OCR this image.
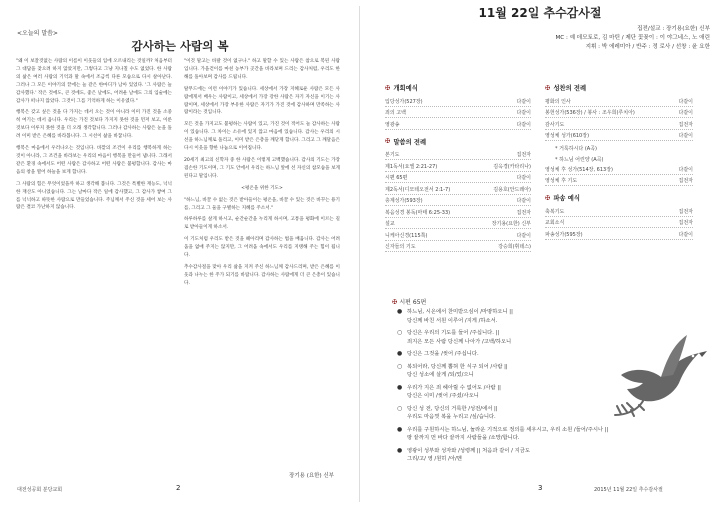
<오늘의 말씀>
감사하는 사람의 복

"왜 이 보잘것없는 사람의 이름이 이웃들의 입에 오르내리는 것일까? 처음부터 그 대답을 찾으려 하지 않았지만, 그렇다고 그냥 지나칠 수도 없었다. 한 사람의 삶은 여러 사람의 기억과 말 속에서 조금씩 다른 모습으로 다시 살아난다. 그러나 그 모든 이야기의 끝에는 늘 같은 한마디가 남아 있었다. '그 사람은 늘 감사했다.' 작은 것에도, 큰 것에도, 좋은 날에도, 어려운 날에도 그의 입술에는 감사가 떠나지 않았다. 그것이 그를 기억하게 하는 이유였다."

행복은 갖고 싶은 것을 다 가지는 데서 오는 것이 아니라 이미 가진 것을 소중히 여기는 데서 옵니다. 우리는 가진 것보다 가지지 못한 것을 먼저 보고, 이룬 것보다 이루지 못한 것을 더 오래 생각합니다. 그러나 감사하는 사람은 눈을 돌려 이미 받은 은혜를 바라봅니다. 그 시선이 삶을 바꿉니다.

행복은 마음에서 우러나오는 것입니다. 바깥의 조건이 우리를 행복하게 하는 것이 아니라, 그 조건을 바라보는 우리의 마음이 행복을 만들어 냅니다. 그래서 같은 환경 속에서도 어떤 사람은 감사하고 어떤 사람은 불평합니다. 감사는 마음의 창을 열어 하늘을 보게 합니다.

그 사람의 힘은 무엇이었을까 하고 생각해 봅니다. 그것은 특별한 재능도, 넉넉한 재산도 아니었습니다. 그는 날마다 작은 일에 감사했고, 그 감사가 쌓여 그를 넉넉하고 따뜻한 사람으로 만들었습니다. 주님께서 주신 것을 세어 보는 사람은 결코 가난하지 않습니다.

"이것 말고는 바랄 것이 없구나." 하고 말할 수 있는 사람은 참으로 복된 사람입니다. 가을걷이를 마친 농부가 곳간을 바라보며 드리는 감사처럼, 우리도 한 해를 돌아보며 감사를 드립니다.

탈무드에는 이런 이야기가 있습니다. 세상에서 가장 지혜로운 사람은 모든 사람에게서 배우는 사람이고, 세상에서 가장 강한 사람은 자기 자신을 이기는 사람이며, 세상에서 가장 부유한 사람은 자기가 가진 것에 감사하며 만족하는 사람이라는 것입니다.

모든 것을 가지고도 불평하는 사람이 있고, 가진 것이 적어도 늘 감사하는 사람이 있습니다. 그 차이는 소유에 있지 않고 마음에 있습니다. 감사는 우리의 시선을 하느님께로 돌리고, 이미 받은 은총을 깨닫게 합니다. 그리고 그 깨달음은 다시 이웃을 향한 나눔으로 이어집니다.

20세기 최고의 신학자 중 한 사람은 이렇게 고백했습니다. 감사의 기도는 가장 겸손한 기도이며, 그 기도 안에서 우리는 하느님 앞에 선 자신의 참모습을 보게 된다고 말입니다.

<평온을 위한 기도>

"하느님, 바꿀 수 없는 것은 받아들이는 평온을, 바꿀 수 있는 것은 바꾸는 용기를, 그리고 그 둘을 구별하는 지혜를 주소서."

하루하루를 살게 하시고, 순간순간을 누리게 하시며, 고통을 평화에 이르는 길로 받아들이게 하소서.

이 기도처럼 우리도 받은 것을 헤아리며 감사하는 법을 배웁니다. 감사는 어려움을 없애 주지는 않지만, 그 어려움 속에서도 우리를 지탱해 주는 힘이 됩니다.

추수감사절을 맞아 우리 삶을 지켜 주신 하느님께 감사드리며, 받은 은혜를 이웃과 나누는 한 주가 되기를 바랍니다. 감사하는 사람에게 더 큰 은총이 있습니다.

장기용 (요한) 신부
대전성공회 분당교회	2
11월 22일 추수감사절
집전/설교 : 장기용(요한) 신부
MC : 예 데모토로, 김 마틴 / 제단 꽃꽂이 : 이 야그네스, 노 애린
지휘 : 박 에레미아 / 반주 : 정 로사 / 선창 : 윤 요한
✠ 개회예식
입당성가(527장)	다같이
죄의 고백	다같이
영광송	다같이
✠ 말씀의 전례
본기도	집전자
제1독서(요엘 2:21-27)	김옥경(카타리나)
시편 65편	다같이
제2독서(디모테오전서 2:1-7)	김용호(안드레아)
층계성가(593장)	다같이
복음성경 봉독(마태 6:25-33)	집전자
설교	장기용(요한) 신부
니케아신경(115쪽)	다같이
신자들의 기도	강승희(휘데스)
✠ 성찬의 전례
평화의 인사	다같이
봉헌성가(536장) / 봉사 : 조우희(루치아)	다같이
감사기도	집전자
영성체 성가(610장)	다같이
* 거룩하시다 (A곡)
* 하느님 어린양 (A곡)
영성체 후 성가(514장, 613장)	다같이
영성체 후 기도	집전자
✠ 파송 예식
축복기도	집전자
교회소식	집전자
파송성가(595장)	다같이
✠ 시편 65편
● 하느님, 시온에서 찬미받으심이 /마땅하오니 ||
당신께 바친 서원 이루어 /지게 /하소서.
○ 당신은 우리의 기도를 들어 /주십니다. ||
죄지은 모든 사람 당신께 나아가 /고백/하오니
● 당신은 그것을 /씻어 /주십니다.
○ 복되어라, 당신께 뽑혀 한 식구 되어 /사람 ||
당신 성소에 살게 /되/었/으니
● 우리가 지은 죄 헤아릴 수 없어도 /사람 ||
당신은 이미 /씻어 /주셨/사오니
○ 당신 성 전, 당신의 거룩한 /성전/에서 ||
우리도 마음껏 복을 누리고 /싶/습니다.
● 우리를 구원하시는 하느님, 놀라운 기적으로 정의를 세우시고, 우리 소원 /들어/주시나 ||
땅 끝까지 먼 바다 끝까지 사람들을 /소망/합니다.
● 영광이 성부와 성자와 /성령께 || 처음과 같이 / 지금도
그리/고/ 영 /원히 /아/멘
2015년 11월 22일 추수감사절
3
